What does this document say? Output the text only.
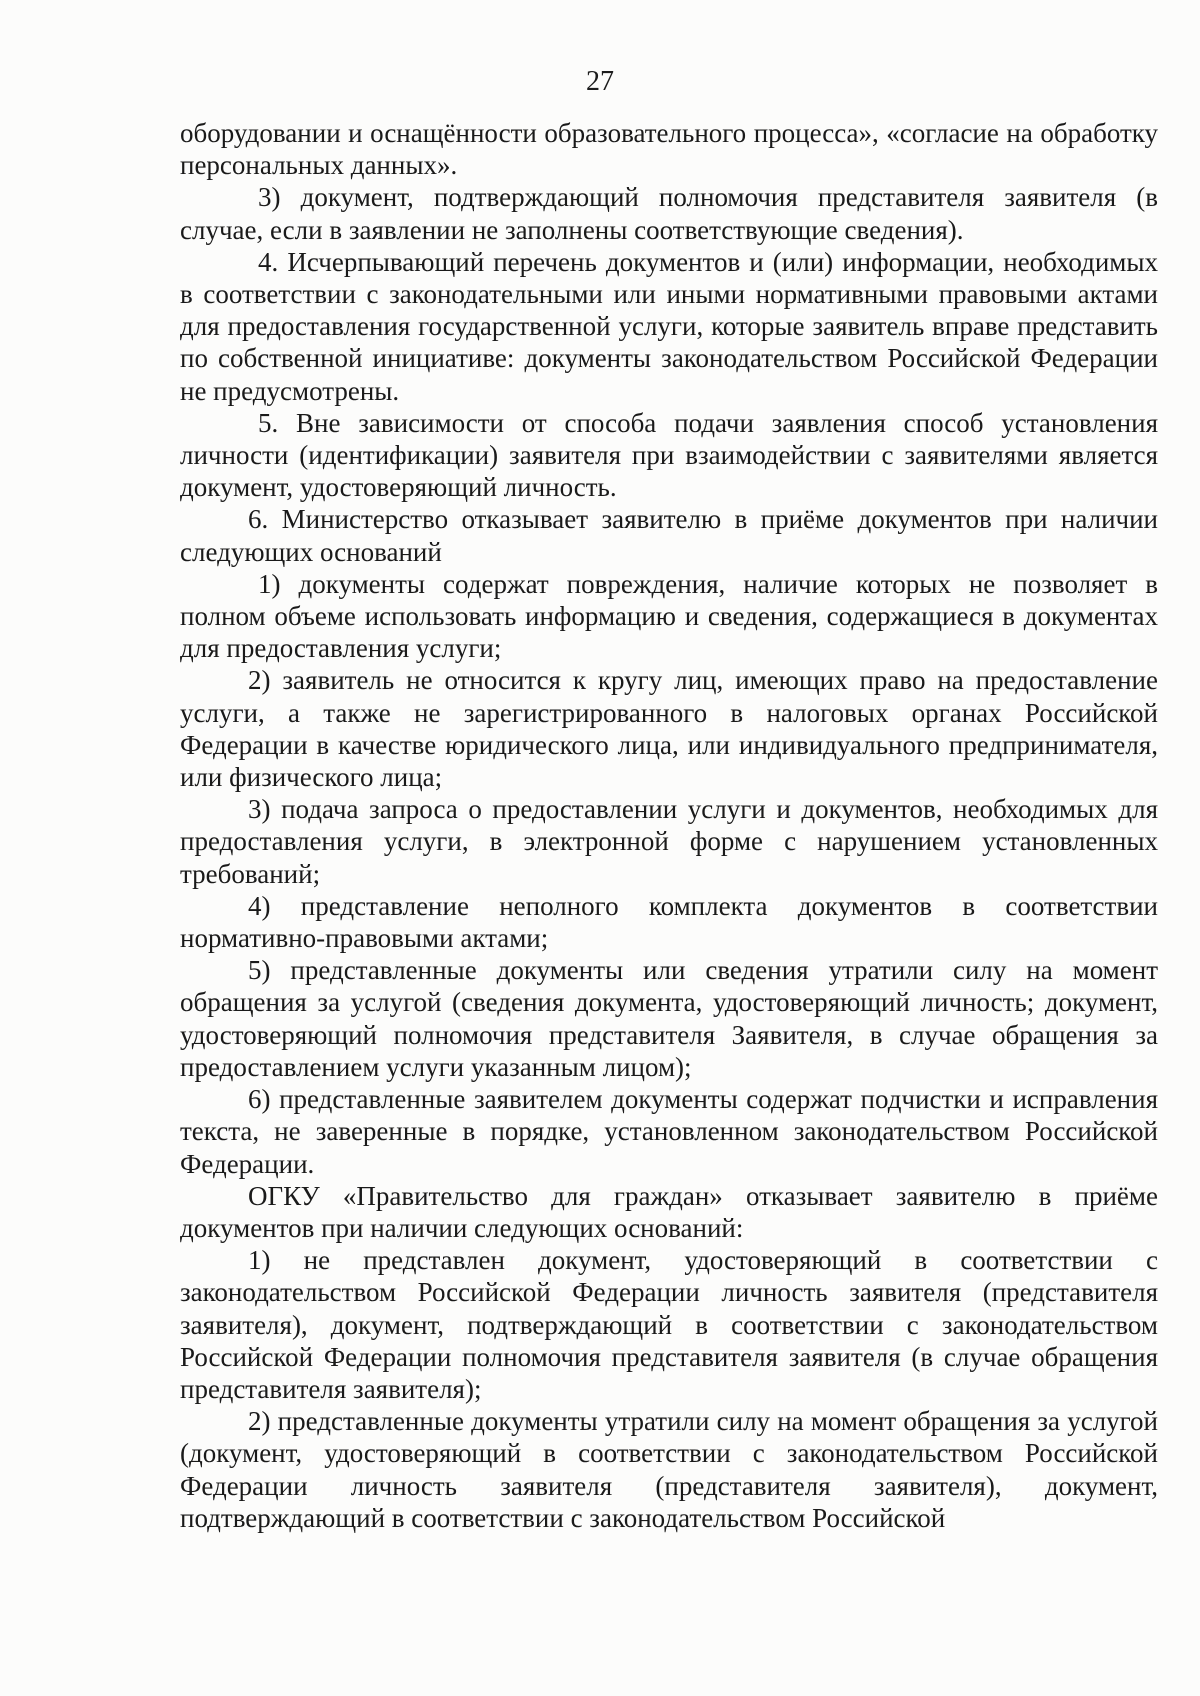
27

оборудовании и оснащённости образовательного процесса», «согласие на обработку персональных данных».

3) документ, подтверждающий полномочия представителя заявителя (в случае, если в заявлении не заполнены соответствующие сведения).

4. Исчерпывающий перечень документов и (или) информации, необходимых в соответствии с законодательными или иными нормативными правовыми актами для предоставления государственной услуги, которые заявитель вправе представить по собственной инициативе: документы законодательством Российской Федерации не предусмотрены.

5. Вне зависимости от способа подачи заявления способ установления личности (идентификации) заявителя при взаимодействии с заявителями является документ, удостоверяющий личность.

6. Министерство отказывает заявителю в приёме документов при наличии следующих оснований

1) документы содержат повреждения, наличие которых не позволяет в полном объеме использовать информацию и сведения, содержащиеся в документах для предоставления услуги;

2) заявитель не относится к кругу лиц, имеющих право на предоставление услуги, а также не зарегистрированного в налоговых органах Российской Федерации в качестве юридического лица, или индивидуального предпринимателя, или физического лица;

3) подача запроса о предоставлении услуги и документов, необходимых для предоставления услуги, в электронной форме с нарушением установленных требований;

4) представление неполного комплекта документов в соответствии нормативно-правовыми актами;

5) представленные документы или сведения утратили силу на момент обращения за услугой (сведения документа, удостоверяющий личность; документ, удостоверяющий полномочия представителя Заявителя, в случае обращения за предоставлением услуги указанным лицом);

6) представленные заявителем документы содержат подчистки и исправления текста, не заверенные в порядке, установленном законодательством Российской Федерации.

ОГКУ «Правительство для граждан» отказывает заявителю в приёме документов при наличии следующих оснований:

1) не представлен документ, удостоверяющий в соответствии с законодательством Российской Федерации личность заявителя (представителя заявителя), документ, подтверждающий в соответствии с законодательством Российской Федерации полномочия представителя заявителя (в случае обращения представителя заявителя);

2) представленные документы утратили силу на момент обращения за услугой (документ, удостоверяющий в соответствии с законодательством Российской Федерации личность заявителя (представителя заявителя), документ, подтверждающий в соответствии с законодательством Российской
